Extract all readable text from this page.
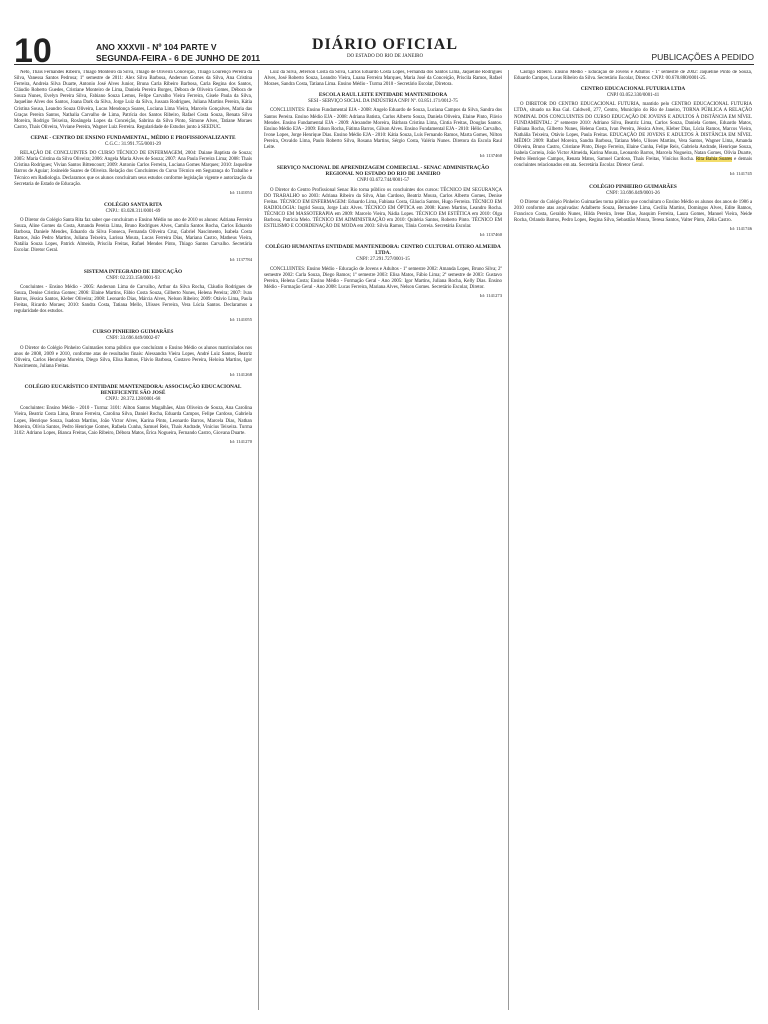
10	ANO XXXVII - Nº 104 PARTE V
SEGUNDA-FEIRA - 6 DE JUNHO DE 2011
DIÁRIO OFICIAL
DO ESTADO DO RIO DE JANEIRO	PUBLICAÇÕES A PEDIDO
Neto, Thaís Fernandes Ribeiro, Thiago Monteiro da Silva, Thiago de Oliveira Conceição, Thiago Lourenço Pereira da Silva, Vanessa Santos Pedrosa; 1º semestre de 2011: Alex Silva Barbosa, Anderson Gomes da Silva, Ana Cristina Ferreira, Andreia Silva Duarte, Antonio José Alves Junior, Bruna Carla Ribeiro Barbosa, Carla Regina dos Santos, Cláudio Roberto Guedes, Cristiane Monteiro de Lima, Daniela Pereira Borges, Débora de Oliveira Gomes, Débora de Souza Nunes, Evelyn Pereira Silva, Fabiano Souza Lemos, Felipe Carvalho Vieira Ferreira, Gisele Paula da Silva, Jaqueline Alves dos Santos, Joana Dark da Silva, Jorge Luiz da Silva, Jussara Rodrigues, Juliana Martins Pereira, Kátia Cristina Sousa, Leandro Souza Oliveira, Lucas Mendonça Soares, Luciana Lima Vieira, Marcelo Gonçalves, Maria das Graças Pereira Santos, Nathalia Carvalho de Lima, Patrícia dos Santos Ribeiro, Rafael Costa Souza, Renata Silva Moreira, Rodrigo Teixeira, Rosângela Lopes da Conceição, Sabrina da Silva Pinto, Simone Alves, Tatiane Moraes Castro, Thaís Oliveira, Viviane Pereira, Wagner Luiz Ferreira. Regularidade de Estudos junto à SEEDUC.
CEPAE - CENTRO DE ENSINO FUNDAMENTAL, MÉDIO E PROFISSIONALIZANTE
C.G.C.: 31.991.755/0001-29
RELAÇÃO DE CONCLUINTES DO CURSO TÉCNICO DE ENFERMAGEM, 2004: Daiane Baptista de Souza; 2005: Maria Cristina da Silva Oliveira; 2006: Angela Maria Alves de Souza; 2007: Ana Paula Ferreira Lima; 2008: Thaís Cristina Rodrigues; Vivian Santos Bittencourt; 2009: Antonio Carlos Ferreira, Luciana Gomes Marques; 2010: Jaqueline Barros de Aguiar; Josineide Soares de Oliveira. Relação dos Concluintes do Curso Técnico em Segurança do Trabalho e Técnico em Radiologia. Declaramos que os alunos concluíram seus estudos conforme legislação vigente e autorização da Secretaria de Estado de Educação.
Id: 1141053
COLÉGIO SANTA RITA
CNPJ.: 03.028.311/0001-69
O Diretor do Colégio Santa Rita faz saber que concluíram o Ensino Médio no ano de 2010 os alunos: Adriana Ferreira Souza, Aline Gomes da Costa, Amanda Pereira Lima, Bruno Rodrigues Alves, Camila Santos Rocha, Carlos Eduardo Barbosa, Daniele Mendes, Eduardo da Silva Fonseca, Fernanda Oliveira Cruz, Gabriel Nascimento, Isabela Costa Ramos, João Pedro Martins, Juliana Teixeira, Larissa Moura, Lucas Ferreira Dias, Mariana Castro, Matheus Vieira, Natália Souza Lopes, Patrick Almeida, Priscila Freitas, Rafael Mendes Pinto, Thiago Santos Carvalho. Secretária Escolar. Diretor Geral.
Id: 1137784
SISTEMA INTEGRADO DE EDUCAÇÃO
CNPJ: 02.233.150/0001-93
Concluintes - Ensino Médio - 2005: Anderson Lima de Carvalho, Arthur da Silva Rocha, Cláudio Rodrigues de Souza, Denise Cristina Gomes; 2006: Elaine Martins, Fábio Costa Souza, Gilberto Nunes, Helena Pereira; 2007: Ivan Barros, Jéssica Santos, Kleber Oliveira; 2008: Leonardo Dias, Márcia Alves, Nelson Ribeiro; 2009: Otávio Lima, Paula Freitas, Ricardo Moraes; 2010: Sandra Costa, Tatiana Mello, Ulisses Ferreira, Vera Lúcia Santos. Declaramos a regularidade dos estudos.
Id: 1141055
CURSO PINHEIRO GUIMARÃES
CNPJ: 33.696.049/0002-07
O Diretor do Colégio Pinheiro Guimarães torna público que concluíram o Ensino Médio os alunos matriculados nos anos de 2008, 2009 e 2010, conforme atas de resultados finais: Alessandra Vieira Lopes, André Luiz Santos, Beatriz Oliveira, Carlos Henrique Moreira, Diego Silva, Elisa Ramos, Flávio Barbosa, Gustavo Pereira, Heloísa Martins, Igor Nascimento, Juliana Freitas.
Id: 1141268
COLÉGIO EUCARÍSTICO ENTIDADE MANTENEDORA: ASSOCIAÇÃO EDUCACIONAL BENEFICENTE SÃO JOSÉ
CNPJ.: 28.372.128/0001-68
Concluintes: Ensino Médio - 2010 - Turma: 3101: Ailton Santos Magalhães, Alan Oliveira de Souza, Ana Carolina Vieira, Beatriz Costa Lima, Bruno Ferreira, Carolina Silva, Daniel Rocha, Eduarda Campos, Felipe Cardoso, Gabriela Lopes, Henrique Souza, Isadora Martins, João Victor Alves, Karina Pinto, Leonardo Barros, Marcela Dias, Nathan Moreira, Olívia Santos, Pedro Henrique Gomes, Rafaela Cunha, Samuel Reis, Thaís Andrade, Vinícius Teixeira. Turma 3102: Adriano Lopes, Bianca Freitas, Caio Ribeiro, Débora Matos, Érica Nogueira, Fernando Castro, Giovana Duarte.
Id: 1141270
Luiz da Silva, Jeferson Costa da Silva, Carlos Eduardo Costa Lopes, Fernanda dos Santos Lima, Jaqueline Rodrigues Alves, José Roberto Souza, Leandro Vieira, Luana Ferreira Marques, Maria José da Conceição, Priscila Ramos, Rafael Moraes, Sandra Costa, Tatiana Lima. Ensino Médio - Turma 2010 - Secretário Escolar, Diretora.
ESCOLA RAUL LEITE ENTIDADE MANTENEDORA
SESI - SERVIÇO SOCIAL DA INDÚSTRIA CNPJ Nº. 03.851.171/0012-75
CONCLUINTES: Ensino Fundamental EJA - 2008: Angelo Eduardo de Souza, Luciana Campos da Silva, Sandra dos Santos Pereira. Ensino Médio EJA - 2008: Adriana Batista, Carlos Alberto Souza, Daniela Oliveira, Elaine Pinto, Flávio Mendes. Ensino Fundamental EJA - 2009: Alexandre Moreira, Bárbara Cristina Lima, Cíntia Freitas, Douglas Santos. Ensino Médio EJA - 2009: Edson Rocha, Fátima Barros, Gilson Alves. Ensino Fundamental EJA - 2010: Hélio Carvalho, Ivone Lopes, Jorge Henrique Dias. Ensino Médio EJA - 2010: Kátia Souza, Luís Fernando Ramos, Marta Gomes, Nilton Pereira, Osvaldo Lima, Paulo Roberto Silva, Rosana Martins, Sérgio Costa, Valéria Nunes. Diretora da Escola Raul Leite.
Id: 1137460
SERVIÇO NACIONAL DE APRENDIZAGEM COMERCIAL - SENAC ADMINISTRAÇÃO REGIONAL NO ESTADO DO RIO DE JANEIRO
CNPJ 03.672.744/0001-57
O Diretor do Centro Profissional Senac Rio torna público os concluintes dos cursos: TÉCNICO EM SEGURANÇA DO TRABALHO no 2003: Adriana Ribeiro da Silva, Alan Cardoso, Beatriz Moura, Carlos Alberto Gomes, Denise Freitas. TÉCNICO EM ENFERMAGEM: Eduardo Lima, Fabiana Costa, Gláucia Santos, Hugo Ferreira. TÉCNICO EM RADIOLOGIA: Ingrid Souza, Jorge Luiz Alves. TÉCNICO EM ÓPTICA em 2008: Karen Martins, Leandro Rocha. TÉCNICO EM MASSOTERAPIA em 2009: Marcelo Vieira, Nádia Lopes. TÉCNICO EM ESTÉTICA em 2010: Olga Barbosa, Patrícia Melo. TÉCNICO EM ADMINISTRAÇÃO em 2010: Quitéria Santos, Roberto Pinto. TÉCNICO EM ESTILISMO E COORDENAÇÃO DE MODA em 2003: Silvia Ramos, Tânia Correia. Secretária Escolar.
Id: 1137460
COLÉGIO HUMANITAS ENTIDADE MANTENEDORA: CENTRO CULTURAL OTERO ALMEIDA LTDA.
CNPJ: 27.291.727/0001-15
CONCLUINTES: Ensino Médio - Educação de Jovens e Adultos - 1º semestre 2002: Amanda Lopes, Bruno Silva; 2º semestre 2002: Carla Souza, Diego Ramos; 1º semestre 2003: Elisa Matos, Fábio Lima; 2º semestre de 2003: Gustavo Pereira, Helena Costa; Ensino Médio - Formação Geral - Ano 2005: Igor Martins, Juliana Rocha, Kelly Dias. Ensino Médio - Formação Geral - Ano 2008: Lucas Ferreira, Mariana Alves, Nelson Gomes. Secretário Escolar, Diretor.
Id: 1141273
Castigo Ribeiro. Ensino Médio - Educação de Jovens e Adultos - 1º semestre de 2002: Jaqueline Pinto de Souza, Eduardo Campos, Lucas Ribeiro da Silva. Secretário Escolar, Diretor. CNPJ: 00.678.880/0001-25.
CENTRO EDUCACIONAL FUTURIA LTDA
CNPJ 03.052.330/0001-41
O DIRETOR DO CENTRO EDUCACIONAL FUTURIA, mantido pelo CENTRO EDUCACIONAL FUTURIA LTDA, situado na Rua Gal. Caldwell, 277, Centro, Município do Rio de Janeiro, TORNA PÚBLICA A RELAÇÃO NOMINAL DOS CONCLUINTES DO CURSO EDUCAÇÃO DE JOVENS E ADULTOS À DISTÂNCIA EM NÍVEL FUNDAMENTAL: 2º semestre 2010: Adriano Silva, Beatriz Lima, Carlos Souza, Daniela Gomes, Eduardo Matos, Fabiana Rocha, Gilberto Nunes, Helena Costa, Ivan Pereira, Jéssica Alves, Kleber Dias, Lúcia Ramos, Marcos Vieira, Nathália Teixeira, Otávio Lopes, Paula Freitas. EDUCAÇÃO DE JOVENS E ADULTOS À DISTÂNCIA EM NÍVEL MÉDIO: 2009: Rafael Moreira, Sandra Barbosa, Tatiana Melo, Ulisses Martins, Vera Santos, Wagner Lima, Amanda Oliveira, Bruno Castro, Cristiane Pinto, Diego Ferreira, Elaine Cunha, Felipe Reis, Gabriela Andrade, Henrique Souza, Isabela Correia, João Victor Almeida, Karina Moura, Leonardo Barros, Marcela Nogueira, Natan Gomes, Olívia Duarte, Pedro Henrique Campos, Renata Matos, Samuel Cardoso, Thaís Freitas, Vinícius Rocha. Rita Bahia Soares e demais concluintes relacionados em ata. Secretária Escolar. Diretor Geral.
Id: 1141745
COLÉGIO PINHEIRO GUIMARÃES
CNPJ: 33.696.049/0001-26
O Diretor do Colégio Pinheiro Guimarães torna público que concluíram o Ensino Médio os alunos dos anos de 1986 a 2010 conforme atas arquivadas: Adalberto Souza, Bernadete Lima, Cecília Martins, Domingos Alves, Edite Ramos, Francisco Costa, Geraldo Nunes, Hilda Pereira, Irene Dias, Joaquim Ferreira, Laura Gomes, Manoel Vieira, Neide Rocha, Orlando Barros, Pedro Lopes, Regina Silva, Sebastião Moura, Teresa Santos, Valter Pinto, Zélia Castro.
Id: 1141746
